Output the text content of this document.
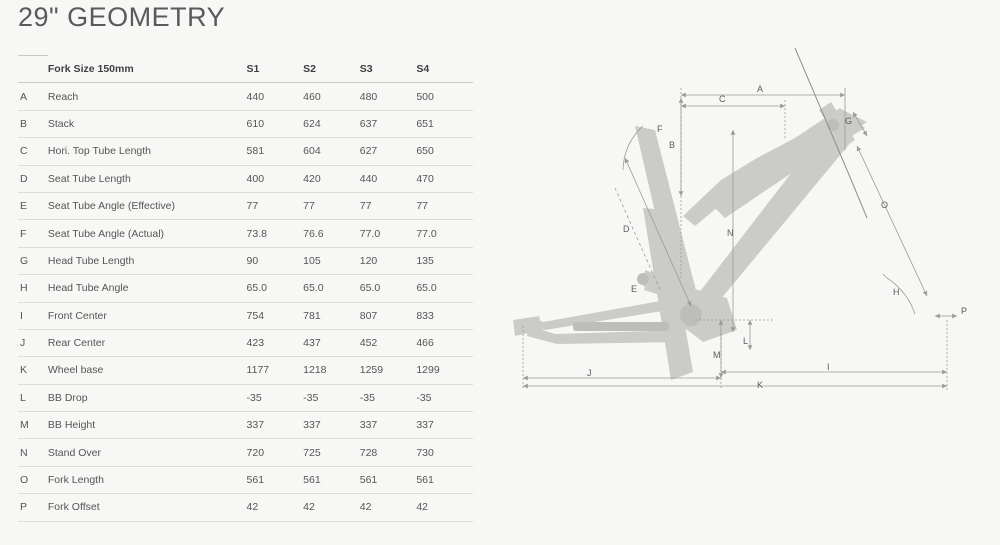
29" GEOMETRY
	Fork Size 150mm	S1	S2	S3	S4
A	Reach	440	460	480	500
B	Stack	610	624	637	651
C	Hori. Top Tube Length	581	604	627	650
D	Seat Tube Length	400	420	440	470
E	Seat Tube Angle (Effective)	77	77	77	77
F	Seat Tube Angle (Actual)	73.8	76.6	77.0	77.0
G	Head Tube Length	90	105	120	135
H	Head Tube Angle	65.0	65.0	65.0	65.0
I	Front Center	754	781	807	833
J	Rear Center	423	437	452	466
K	Wheel base	1177	1218	1259	1299
L	BB Drop	-35	-35	-35	-35
M	BB Height	337	337	337	337
N	Stand Over	720	725	728	730
O	Fork Length	561	561	561	561
P	Fork Offset	42	42	42	42
A
C
B
F
G
O
H
P
N
D
E
M
L
J
I
K
